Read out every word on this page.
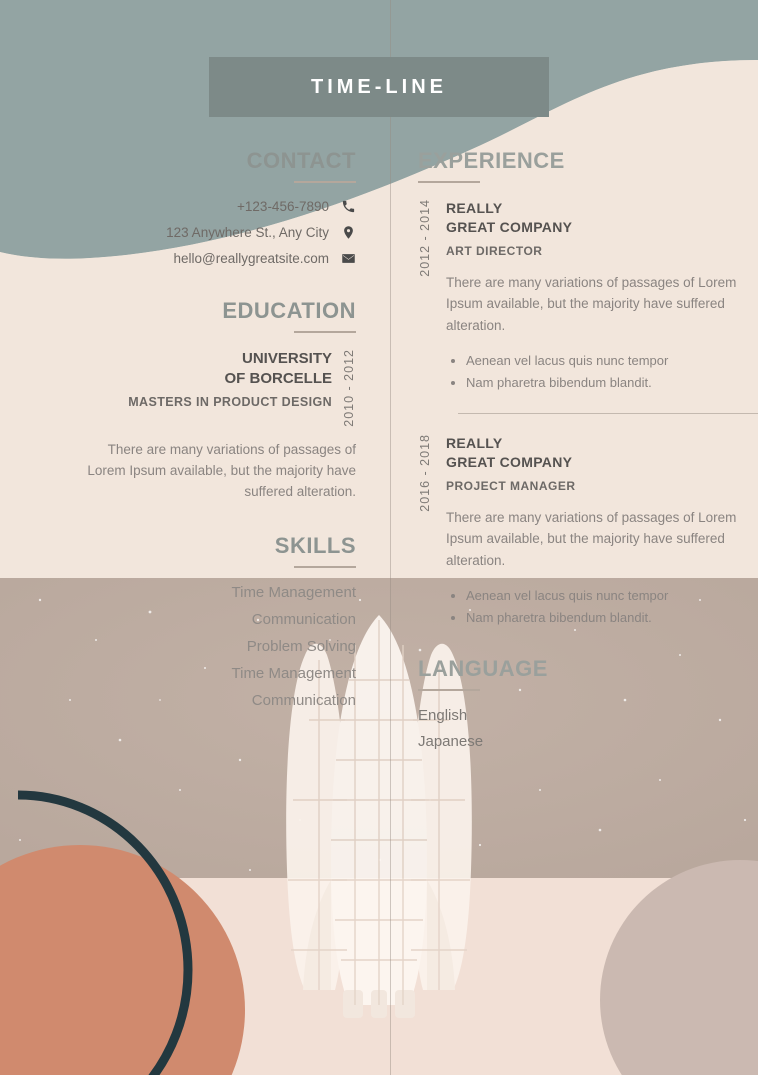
TIME-LINE
CONTACT
+123-456-7890
123 Anywhere St., Any City
hello@reallygreatsite.com
EDUCATION
UNIVERSITY
OF BORCELLE
MASTERS IN PRODUCT DESIGN 2010 - 2012
There are many variations of passages of Lorem Ipsum available, but the majority have suffered alteration.
SKILLS
Time Management
Communication
Problem Solving
Time Management
Communication
EXPERIENCE
2012 - 2014 REALLY
GREAT COMPANY
ART DIRECTOR
There are many variations of passages of Lorem Ipsum available, but the majority have suffered alteration.
• Aenean vel lacus quis nunc tempor
• Nam pharetra bibendum blandit.
2016 - 2018 REALLY
GREAT COMPANY
PROJECT MANAGER
There are many variations of passages of Lorem Ipsum available, but the majority have suffered alteration.
• Aenean vel lacus quis nunc tempor
• Nam pharetra bibendum blandit.
LANGUAGE
English
Japanese
